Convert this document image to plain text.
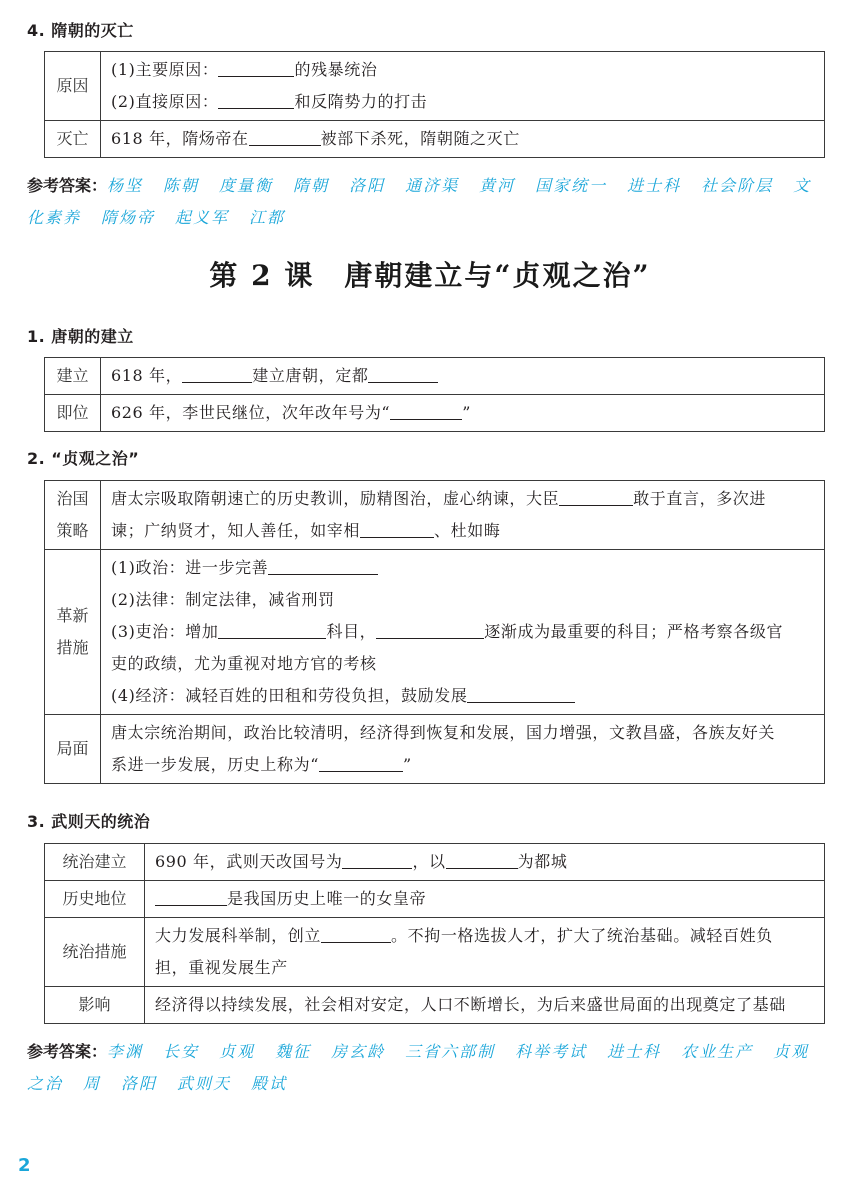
4. 隋朝的灭亡
原因	(1)主要原因： 的残暴统治
(2)直接原因： 和反隋势力的打击

灭亡	618 年，隋炀帝在 被部下杀死，隋朝随之灭亡
参考答案：杨坚 陈朝 度量衡 隋朝 洛阳 通济渠 黄河 国家统一 进士科 社会阶层 文化素养 隋炀帝 起义军 江都
第 2 课　唐朝建立与“贞观之治”
1. 唐朝的建立
建立	618 年， 建立唐朝，定都
即位	626 年，李世民继位，次年改年号为“ ”
2. “贞观之治”
治国
策略	唐太宗吸取隋朝速亡的历史教训，励精图治，虚心纳谏，大臣 敢于直言，多次进
谏；广纳贤才，知人善任，如宰相 、杜如晦

革新
措施	(1)政治：进一步完善
(2)法律：制定法律，减省刑罚
(3)吏治：增加 科目， 逐渐成为最重要的科目；严格考察各级官
吏的政绩，尤为重视对地方官的考核
(4)经济：减轻百姓的田租和劳役负担，鼓励发展

局面	唐太宗统治期间，政治比较清明，经济得到恢复和发展，国力增强，文教昌盛，各族友好关
系进一步发展，历史上称为“ ”
3. 武则天的统治
统治建立	690 年，武则天改国号为 ，以 为都城
历史地位	是我国历史上唯一的女皇帝
统治措施	大力发展科举制，创立 。不拘一格选拔人才，扩大了统治基础。减轻百姓负
担，重视发展生产

影响	经济得以持续发展，社会相对安定，人口不断增长，为后来盛世局面的出现奠定了基础
参考答案：李渊 长安 贞观 魏征 房玄龄 三省六部制 科举考试 进士科 农业生产 贞观之治 周 洛阳 武则天 殿试
2
